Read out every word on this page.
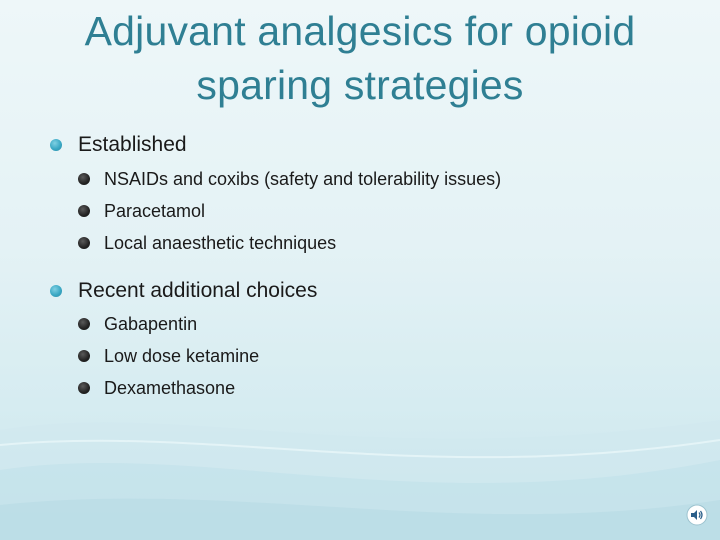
Adjuvant analgesics for opioid
sparing strategies
Established
NSAIDs and coxibs (safety and tolerability issues)
Paracetamol
Local anaesthetic techniques
Recent additional choices
Gabapentin
Low dose ketamine
Dexamethasone
